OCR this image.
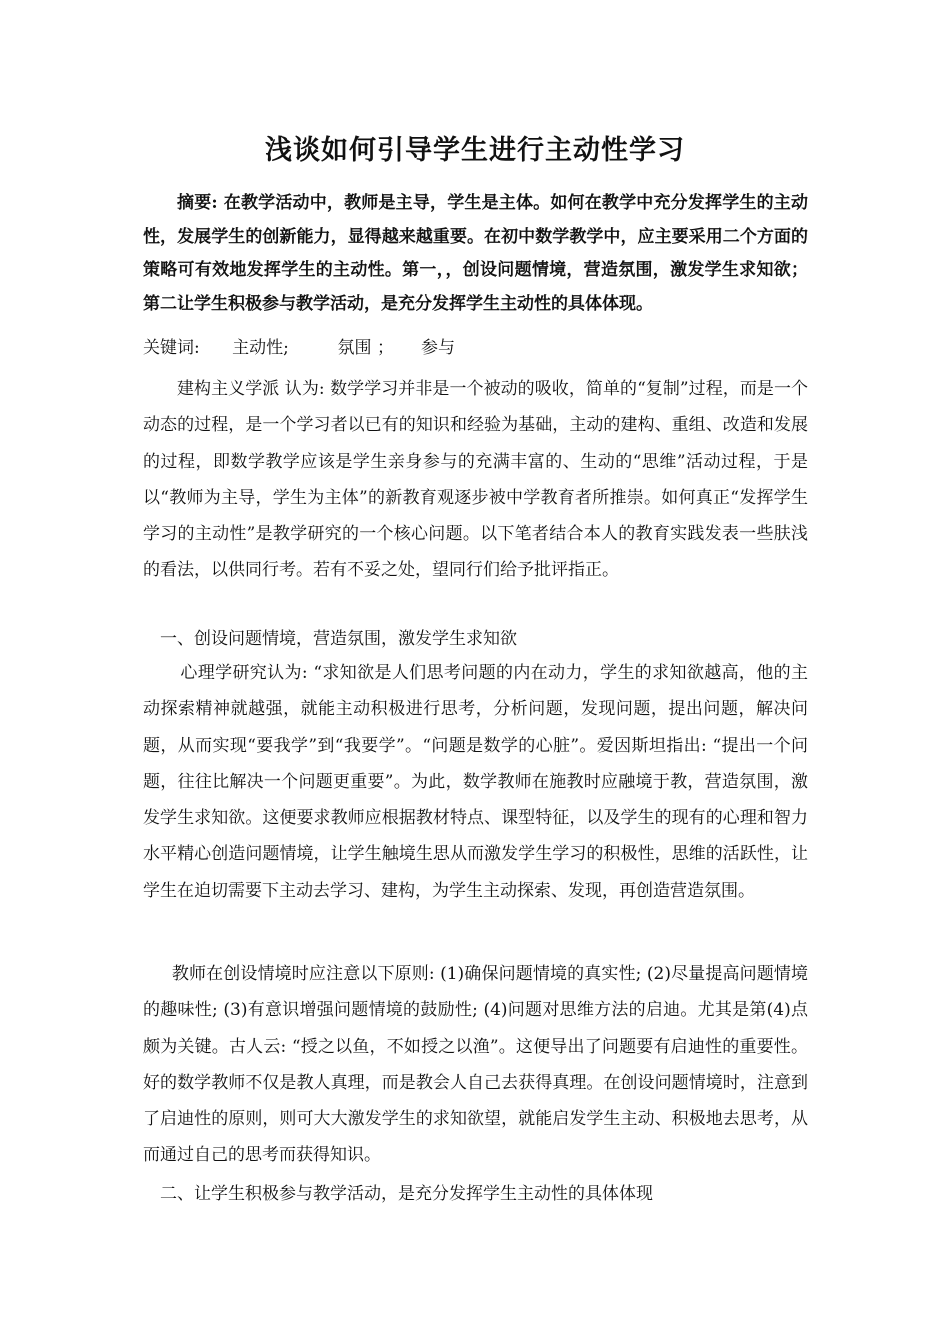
浅谈如何引导学生进行主动性学习

摘要: 在教学活动中，教师是主导，学生是主体。如何在教学中充分发挥学生的主动性，发展学生的创新能力，显得越来越重要。在初中数学教学中，应主要采用二个方面的策略可有效地发挥学生的主动性。第一，，创设问题情境，营造氛围，激发学生求知欲；第二让学生积极参与教学活动，是充分发挥学生主动性的具体体现。

关键词: 主动性;	氛围 ； 参与

建构主义学派 认为: 数学学习并非是一个被动的吸收，简单的“复制”过程，而是一个动态的过程，是一个学习者以已有的知识和经验为基础，主动的建构、重组、改造和发展的过程，即数学教学应该是学生亲身参与的充满丰富的、生动的“思维”活动过程，于是以“教师为主导，学生为主体”的新教育观逐步被中学教育者所推崇。如何真正“发挥学生学习的主动性”是教学研究的一个核心问题。以下笔者结合本人的教育实践发表一些肤浅的看法，以供同行考。若有不妥之处，望同行们给予批评指正。

一、创设问题情境，营造氛围，激发学生求知欲

心理学研究认为: “求知欲是人们思考问题的内在动力，学生的求知欲越高，他的主动探索精神就越强，就能主动积极进行思考，分析问题，发现问题，提出问题，解决问题，从而实现“要我学”到“我要学”。“问题是数学的心脏”。爱因斯坦指出: “提出一个问题，往往比解决一个问题更重要”。为此，数学教师在施教时应融境于教，营造氛围，激发学生求知欲。这便要求教师应根据教材特点、课型特征，以及学生的现有的心理和智力水平精心创造问题情境，让学生触境生思从而激发学生学习的积极性，思维的活跃性，让学生在迫切需要下主动去学习、建构，为学生主动探索、发现，再创造营造氛围。

教师在创设情境时应注意以下原则: (1)确保问题情境的真实性; (2)尽量提高问题情境的趣味性; (3)有意识增强问题情境的鼓励性; (4)问题对思维方法的启迪。尤其是第(4)点颇为关键。古人云: “授之以鱼，不如授之以渔”。这便导出了问题要有启迪性的重要性。好的数学教师不仅是教人真理，而是教会人自己去获得真理。在创设问题情境时，注意到了启迪性的原则，则可大大激发学生的求知欲望，就能启发学生主动、积极地去思考，从而通过自己的思考而获得知识。

二、让学生积极参与教学活动，是充分发挥学生主动性的具体体现
